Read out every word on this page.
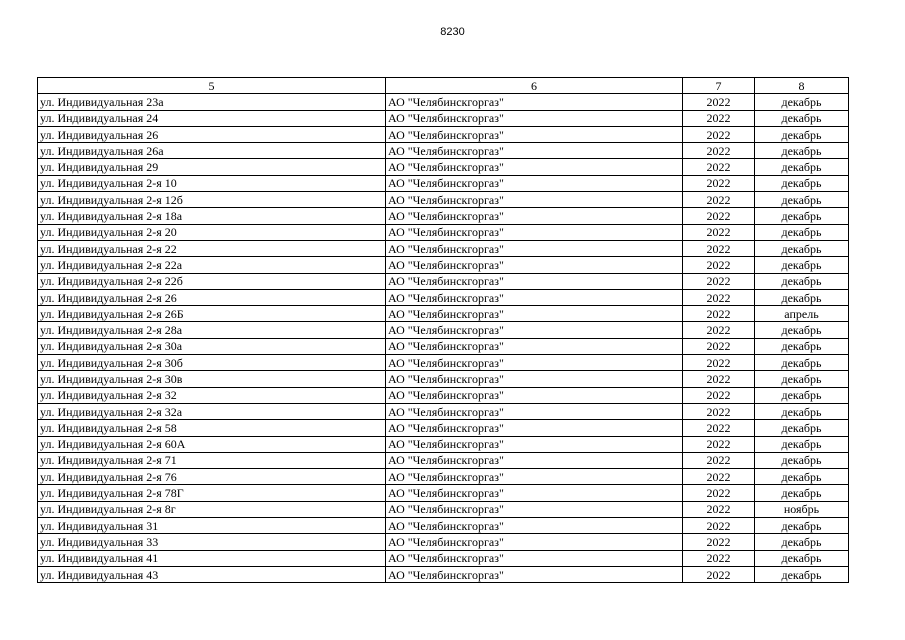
8230
5	6	7	8
ул. Индивидуальная 23а	АО "Челябинскгоргаз"	2022	декабрь
ул. Индивидуальная 24	АО "Челябинскгоргаз"	2022	декабрь
ул. Индивидуальная 26	АО "Челябинскгоргаз"	2022	декабрь
ул. Индивидуальная 26а	АО "Челябинскгоргаз"	2022	декабрь
ул. Индивидуальная 29	АО "Челябинскгоргаз"	2022	декабрь
ул. Индивидуальная 2-я 10	АО "Челябинскгоргаз"	2022	декабрь
ул. Индивидуальная 2-я 12б	АО "Челябинскгоргаз"	2022	декабрь
ул. Индивидуальная 2-я 18а	АО "Челябинскгоргаз"	2022	декабрь
ул. Индивидуальная 2-я 20	АО "Челябинскгоргаз"	2022	декабрь
ул. Индивидуальная 2-я 22	АО "Челябинскгоргаз"	2022	декабрь
ул. Индивидуальная 2-я 22а	АО "Челябинскгоргаз"	2022	декабрь
ул. Индивидуальная 2-я 22б	АО "Челябинскгоргаз"	2022	декабрь
ул. Индивидуальная 2-я 26	АО "Челябинскгоргаз"	2022	декабрь
ул. Индивидуальная 2-я 26Б	АО "Челябинскгоргаз"	2022	апрель
ул. Индивидуальная 2-я 28а	АО "Челябинскгоргаз"	2022	декабрь
ул. Индивидуальная 2-я 30а	АО "Челябинскгоргаз"	2022	декабрь
ул. Индивидуальная 2-я 30б	АО "Челябинскгоргаз"	2022	декабрь
ул. Индивидуальная 2-я 30в	АО "Челябинскгоргаз"	2022	декабрь
ул. Индивидуальная 2-я 32	АО "Челябинскгоргаз"	2022	декабрь
ул. Индивидуальная 2-я 32а	АО "Челябинскгоргаз"	2022	декабрь
ул. Индивидуальная 2-я 58	АО "Челябинскгоргаз"	2022	декабрь
ул. Индивидуальная 2-я 60А	АО "Челябинскгоргаз"	2022	декабрь
ул. Индивидуальная 2-я 71	АО "Челябинскгоргаз"	2022	декабрь
ул. Индивидуальная 2-я 76	АО "Челябинскгоргаз"	2022	декабрь
ул. Индивидуальная 2-я 78Г	АО "Челябинскгоргаз"	2022	декабрь
ул. Индивидуальная 2-я 8г	АО "Челябинскгоргаз"	2022	ноябрь
ул. Индивидуальная 31	АО "Челябинскгоргаз"	2022	декабрь
ул. Индивидуальная 33	АО "Челябинскгоргаз"	2022	декабрь
ул. Индивидуальная 41	АО "Челябинскгоргаз"	2022	декабрь
ул. Индивидуальная 43	АО "Челябинскгоргаз"	2022	декабрь
